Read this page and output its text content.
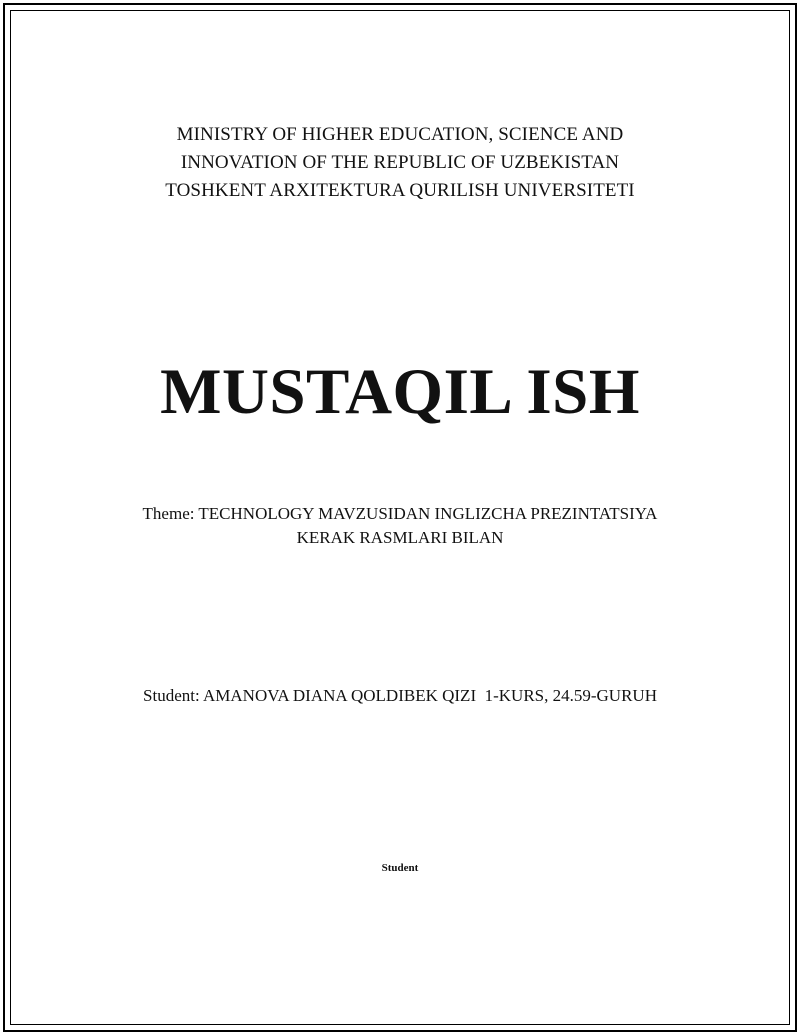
MINISTRY OF HIGHER EDUCATION, SCIENCE AND
INNOVATION OF THE REPUBLIC OF UZBEKISTAN
TOSHKENT ARXITEKTURA QURILISH UNIVERSITETI
MUSTAQIL ISH
Theme: TECHNOLOGY MAVZUSIDAN INGLIZCHA PREZINTATSIYA
KERAK RASMLARI BILAN
Student: AMANOVA DIANA QOLDIBEK QIZI  1-KURS, 24.59-GURUH
Student
